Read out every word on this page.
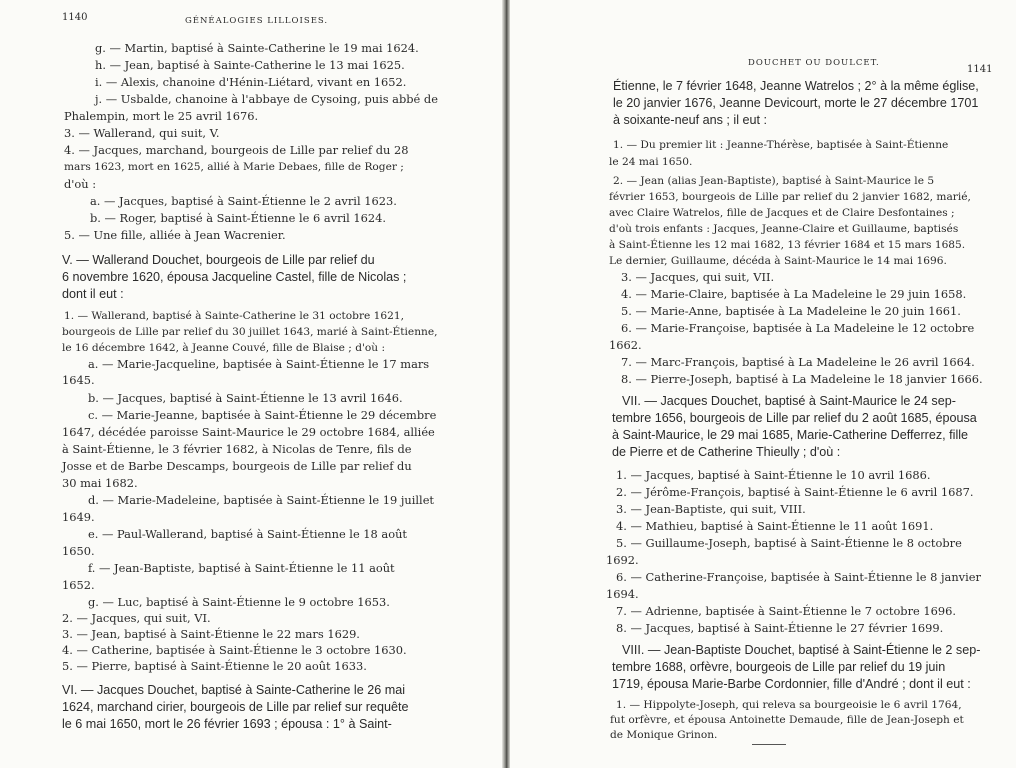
1140	GÉNÉALOGIES LILLOISES.
g. — Martin, baptisé à Sainte-Catherine le 19 mai 1624.
h. — Jean, baptisé à Sainte-Catherine le 13 mai 1625.
i. — Alexis, chanoine d'Hénin-Liétard, vivant en 1652.
j. — Usbalde, chanoine à l'abbaye de Cysoing, puis abbé de
Phalempin, mort le 25 avril 1676.
3. — Wallerand, qui suit, V.
4. — Jacques, marchand, bourgeois de Lille par relief du 28
mars 1623, mort en 1625, allié à Marie Debaes, fille de Roger ;
d'où :
a. — Jacques, baptisé à Saint-Étienne le 2 avril 1623.
b. — Roger, baptisé à Saint-Étienne le 6 avril 1624.
5. — Une fille, alliée à Jean Wacrenier.
V. — Wallerand Douchet, bourgeois de Lille par relief du
6 novembre 1620, épousa Jacqueline Castel, fille de Nicolas ;
dont il eut :
1. — Wallerand, baptisé à Sainte-Catherine le 31 octobre 1621,
bourgeois de Lille par relief du 30 juillet 1643, marié à Saint-Étienne,
le 16 décembre 1642, à Jeanne Couvé, fille de Blaise ; d'où :
a. — Marie-Jacqueline, baptisée à Saint-Étienne le 17 mars
1645.
b. — Jacques, baptisé à Saint-Étienne le 13 avril 1646.
c. — Marie-Jeanne, baptisée à Saint-Étienne le 29 décembre
1647, décédée paroisse Saint-Maurice le 29 octobre 1684, alliée
à Saint-Étienne, le 3 février 1682, à Nicolas de Tenre, fils de
Josse et de Barbe Descamps, bourgeois de Lille par relief du
30 mai 1682.
d. — Marie-Madeleine, baptisée à Saint-Étienne le 19 juillet
1649.
e. — Paul-Wallerand, baptisé à Saint-Étienne le 18 août
1650.
f. — Jean-Baptiste, baptisé à Saint-Étienne le 11 août
1652.
g. — Luc, baptisé à Saint-Étienne le 9 octobre 1653.
2. — Jacques, qui suit, VI.
3. — Jean, baptisé à Saint-Étienne le 22 mars 1629.
4. — Catherine, baptisée à Saint-Étienne le 3 octobre 1630.
5. — Pierre, baptisé à Saint-Étienne le 20 août 1633.
VI. — Jacques Douchet, baptisé à Sainte-Catherine le 26 mai
1624, marchand cirier, bourgeois de Lille par relief sur requête
le 6 mai 1650, mort le 26 février 1693 ; épousa : 1° à Saint-
DOUCHET OU DOULCET.
1141
Étienne, le 7 février 1648, Jeanne Watrelos ; 2° à la même église,
le 20 janvier 1676, Jeanne Devicourt, morte le 27 décembre 1701
à soixante-neuf ans ; il eut :
1. — Du premier lit : Jeanne-Thérèse, baptisée à Saint-Étienne
le 24 mai 1650.
2. — Jean (alias Jean-Baptiste), baptisé à Saint-Maurice le 5
février 1653, bourgeois de Lille par relief du 2 janvier 1682, marié,
avec Claire Watrelos, fille de Jacques et de Claire Desfontaines ;
d'où trois enfants : Jacques, Jeanne-Claire et Guillaume, baptisés
à Saint-Étienne les 12 mai 1682, 13 février 1684 et 15 mars 1685.
Le dernier, Guillaume, décéda à Saint-Maurice le 14 mai 1696.
3. — Jacques, qui suit, VII.
4. — Marie-Claire, baptisée à La Madeleine le 29 juin 1658.
5. — Marie-Anne, baptisée à La Madeleine le 20 juin 1661.
6. — Marie-Françoise, baptisée à La Madeleine le 12 octobre
1662.
7. — Marc-François, baptisé à La Madeleine le 26 avril 1664.
8. — Pierre-Joseph, baptisé à La Madeleine le 18 janvier 1666.
VII. — Jacques Douchet, baptisé à Saint-Maurice le 24 sep-
tembre 1656, bourgeois de Lille par relief du 2 août 1685, épousa
à Saint-Maurice, le 29 mai 1685, Marie-Catherine Defferrez, fille
de Pierre et de Catherine Thieully ; d'où :
1. — Jacques, baptisé à Saint-Étienne le 10 avril 1686.
2. — Jérôme-François, baptisé à Saint-Étienne le 6 avril 1687.
3. — Jean-Baptiste, qui suit, VIII.
4. — Mathieu, baptisé à Saint-Étienne le 11 août 1691.
5. — Guillaume-Joseph, baptisé à Saint-Étienne le 8 octobre
1692.
6. — Catherine-Françoise, baptisée à Saint-Étienne le 8 janvier
1694.
7. — Adrienne, baptisée à Saint-Étienne le 7 octobre 1696.
8. — Jacques, baptisé à Saint-Étienne le 27 février 1699.
VIII. — Jean-Baptiste Douchet, baptisé à Saint-Étienne le 2 sep-
tembre 1688, orfèvre, bourgeois de Lille par relief du 19 juin
1719, épousa Marie-Barbe Cordonnier, fille d'André ; dont il eut :
1. — Hippolyte-Joseph, qui releva sa bourgeoisie le 6 avril 1764,
fut orfèvre, et épousa Antoinette Demaude, fille de Jean-Joseph et
de Monique Grinon.
